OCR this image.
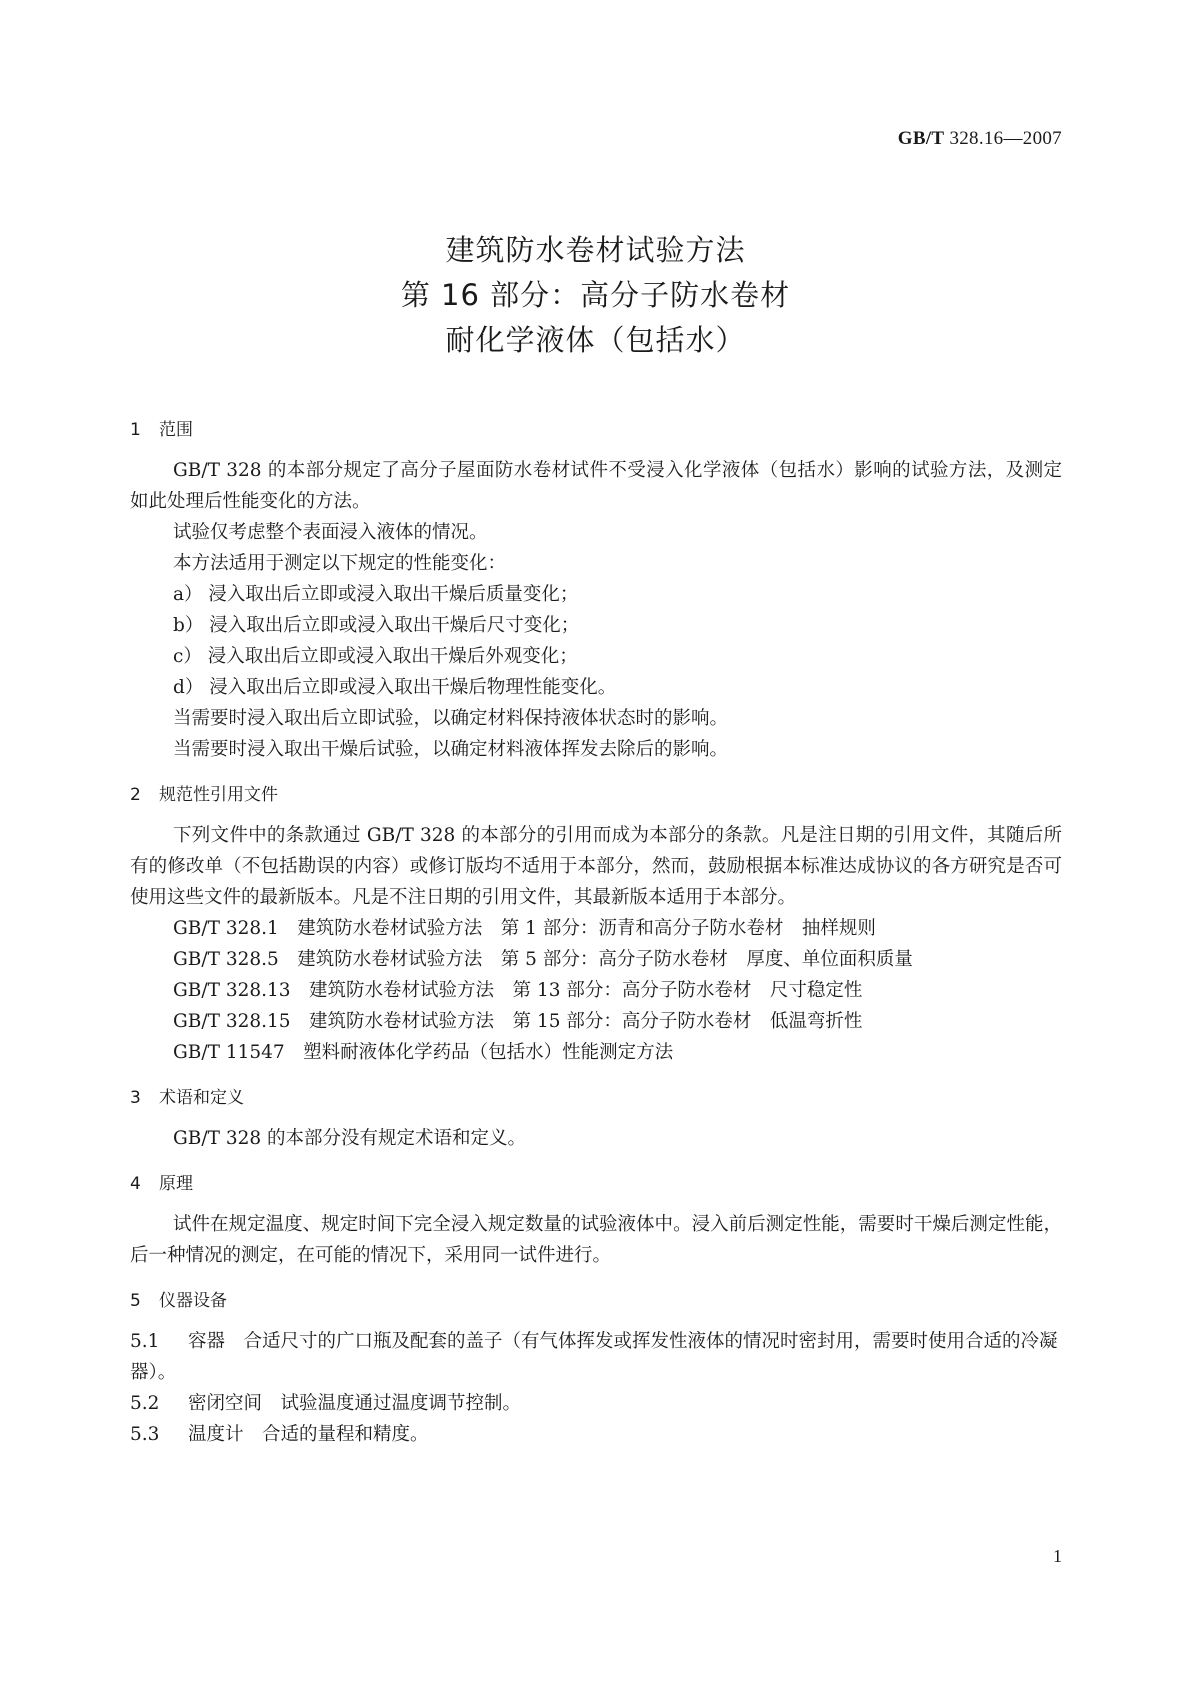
GB/T 328.16—2007
建筑防水卷材试验方法
第 16 部分：高分子防水卷材
耐化学液体（包括水）
1 范围

GB/T 328 的本部分规定了高分子屋面防水卷材试件不受浸入化学液体（包括水）影响的试验方法，及测定如此处理后性能变化的方法。

试验仅考虑整个表面浸入液体的情况。

本方法适用于测定以下规定的性能变化：

a） 浸入取出后立即或浸入取出干燥后质量变化；

b） 浸入取出后立即或浸入取出干燥后尺寸变化；

c） 浸入取出后立即或浸入取出干燥后外观变化；

d） 浸入取出后立即或浸入取出干燥后物理性能变化。

当需要时浸入取出后立即试验，以确定材料保持液体状态时的影响。

当需要时浸入取出干燥后试验，以确定材料液体挥发去除后的影响。

2 规范性引用文件

下列文件中的条款通过 GB/T 328 的本部分的引用而成为本部分的条款。凡是注日期的引用文件，其随后所有的修改单（不包括勘误的内容）或修订版均不适用于本部分，然而，鼓励根据本标准达成协议的各方研究是否可使用这些文件的最新版本。凡是不注日期的引用文件，其最新版本适用于本部分。

GB/T 328.1　建筑防水卷材试验方法　第 1 部分：沥青和高分子防水卷材　抽样规则

GB/T 328.5　建筑防水卷材试验方法　第 5 部分：高分子防水卷材　厚度、单位面积质量

GB/T 328.13　建筑防水卷材试验方法　第 13 部分：高分子防水卷材　尺寸稳定性

GB/T 328.15　建筑防水卷材试验方法　第 15 部分：高分子防水卷材　低温弯折性

GB/T 11547　塑料耐液体化学药品（包括水）性能测定方法

3 术语和定义

GB/T 328 的本部分没有规定术语和定义。

4 原理

试件在规定温度、规定时间下完全浸入规定数量的试验液体中。浸入前后测定性能，需要时干燥后测定性能，后一种情况的测定，在可能的情况下，采用同一试件进行。

5 仪器设备

5.1 容器　合适尺寸的广口瓶及配套的盖子（有气体挥发或挥发性液体的情况时密封用，需要时使用合适的冷凝器）。

5.2 密闭空间　试验温度通过温度调节控制。

5.3 温度计　合适的量程和精度。

1
